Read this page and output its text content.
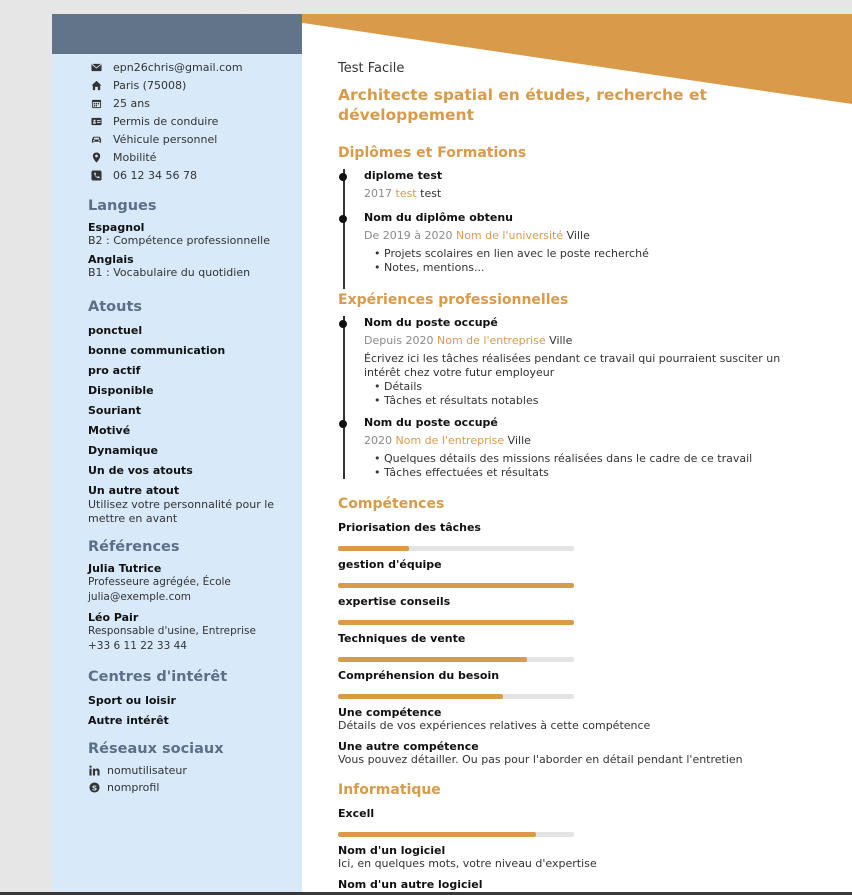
epn26chris@gmail.com
Paris (75008)
25 ans
Permis de conduire
Véhicule personnel
Mobilité
06 12 34 56 78
Langues
Espagnol
B2 : Compétence professionnelle
Anglais
B1 : Vocabulaire du quotidien
Atouts
ponctuel
bonne communication
pro actif
Disponible
Souriant
Motivé
Dynamique
Un de vos atouts
Un autre atout
Utilisez votre personnalité pour le mettre en avant
Références
Julia Tutrice
Professeure agrégée, École
julia@exemple.com
Léo Pair
Responsable d'usine, Entreprise
+33 6 11 22 33 44
Centres d'intérêt
Sport ou loisir
Autre intérêt
Réseaux sociaux
nomutilisateur
S nomprofil
Test Facile
Architecte spatial en études, recherche et développement
Diplômes et Formations
diplome test
2017 test test
Nom du diplôme obtenu
De 2019 à 2020 Nom de l'université Ville
• Projets scolaires en lien avec le poste recherché
• Notes, mentions...
Expériences professionnelles
Nom du poste occupé
Depuis 2020 Nom de l'entreprise Ville
Écrivez ici les tâches réalisées pendant ce travail qui pourraient susciter un intérêt chez votre futur employeur
• Détails
• Tâches et résultats notables
Nom du poste occupé
2020 Nom de l'entreprise Ville
• Quelques détails des missions réalisées dans le cadre de ce travail
• Tâches effectuées et résultats
Compétences
Priorisation des tâches
gestion d'équipe
expertise conseils
Techniques de vente
Compréhension du besoin
Une compétence
Détails de vos expériences relatives à cette compétence
Une autre compétence
Vous pouvez détailler. Ou pas pour l'aborder en détail pendant l'entretien
Informatique
Excell
Nom d'un logiciel
Ici, en quelques mots, votre niveau d'expertise
Nom d'un autre logiciel
